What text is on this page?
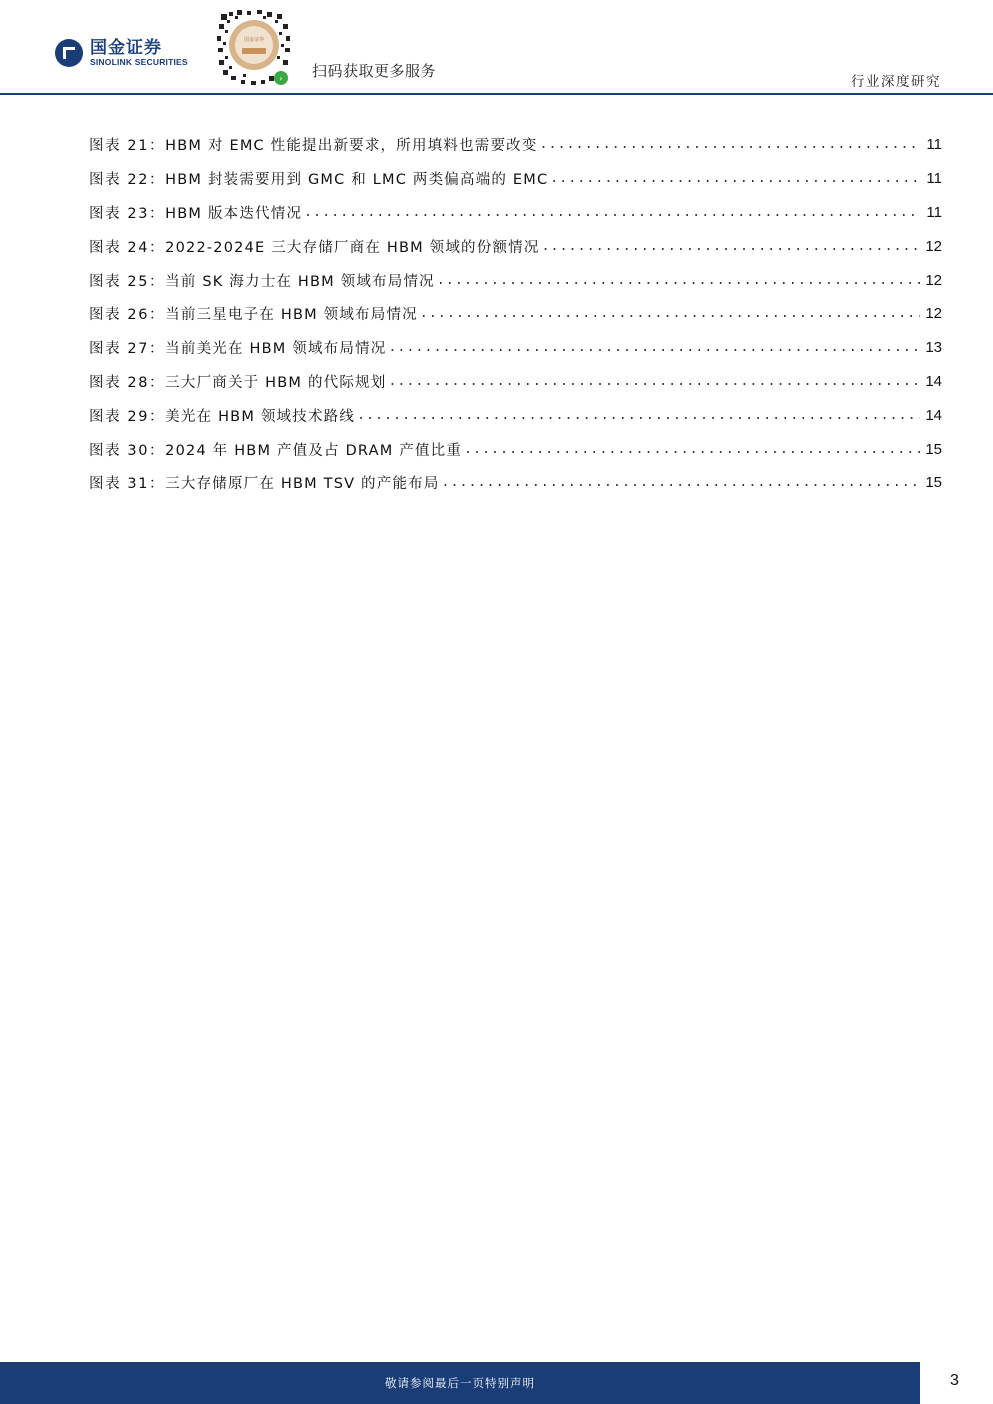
国金证券
SINOLINK SECURITIES
国金证券
› 扫码获取更多服务
行业深度研究
图表 21： HBM 对 EMC 性能提出新要求，所用填料也需要改变 .....	11
图表 22： HBM 封装需要用到 GMC 和 LMC 两类偏高端的 EMC .....	11
图表 23： HBM 版本迭代情况 .....	11
图表 24： 2022-2024E 三大存储厂商在 HBM 领域的份额情况 .....	12
图表 25： 当前 SK 海力士在 HBM 领域布局情况 .....	12
图表 26： 当前三星电子在 HBM 领域布局情况 .....	12
图表 27： 当前美光在 HBM 领域布局情况 .....	13
图表 28： 三大厂商关于 HBM 的代际规划 .....	14
图表 29： 美光在 HBM 领域技术路线 .....	14
图表 30： 2024 年 HBM 产值及占 DRAM 产值比重 .....	15
图表 31： 三大存储原厂在 HBM TSV 的产能布局 .....	15
敬请参阅最后一页特别声明	3
